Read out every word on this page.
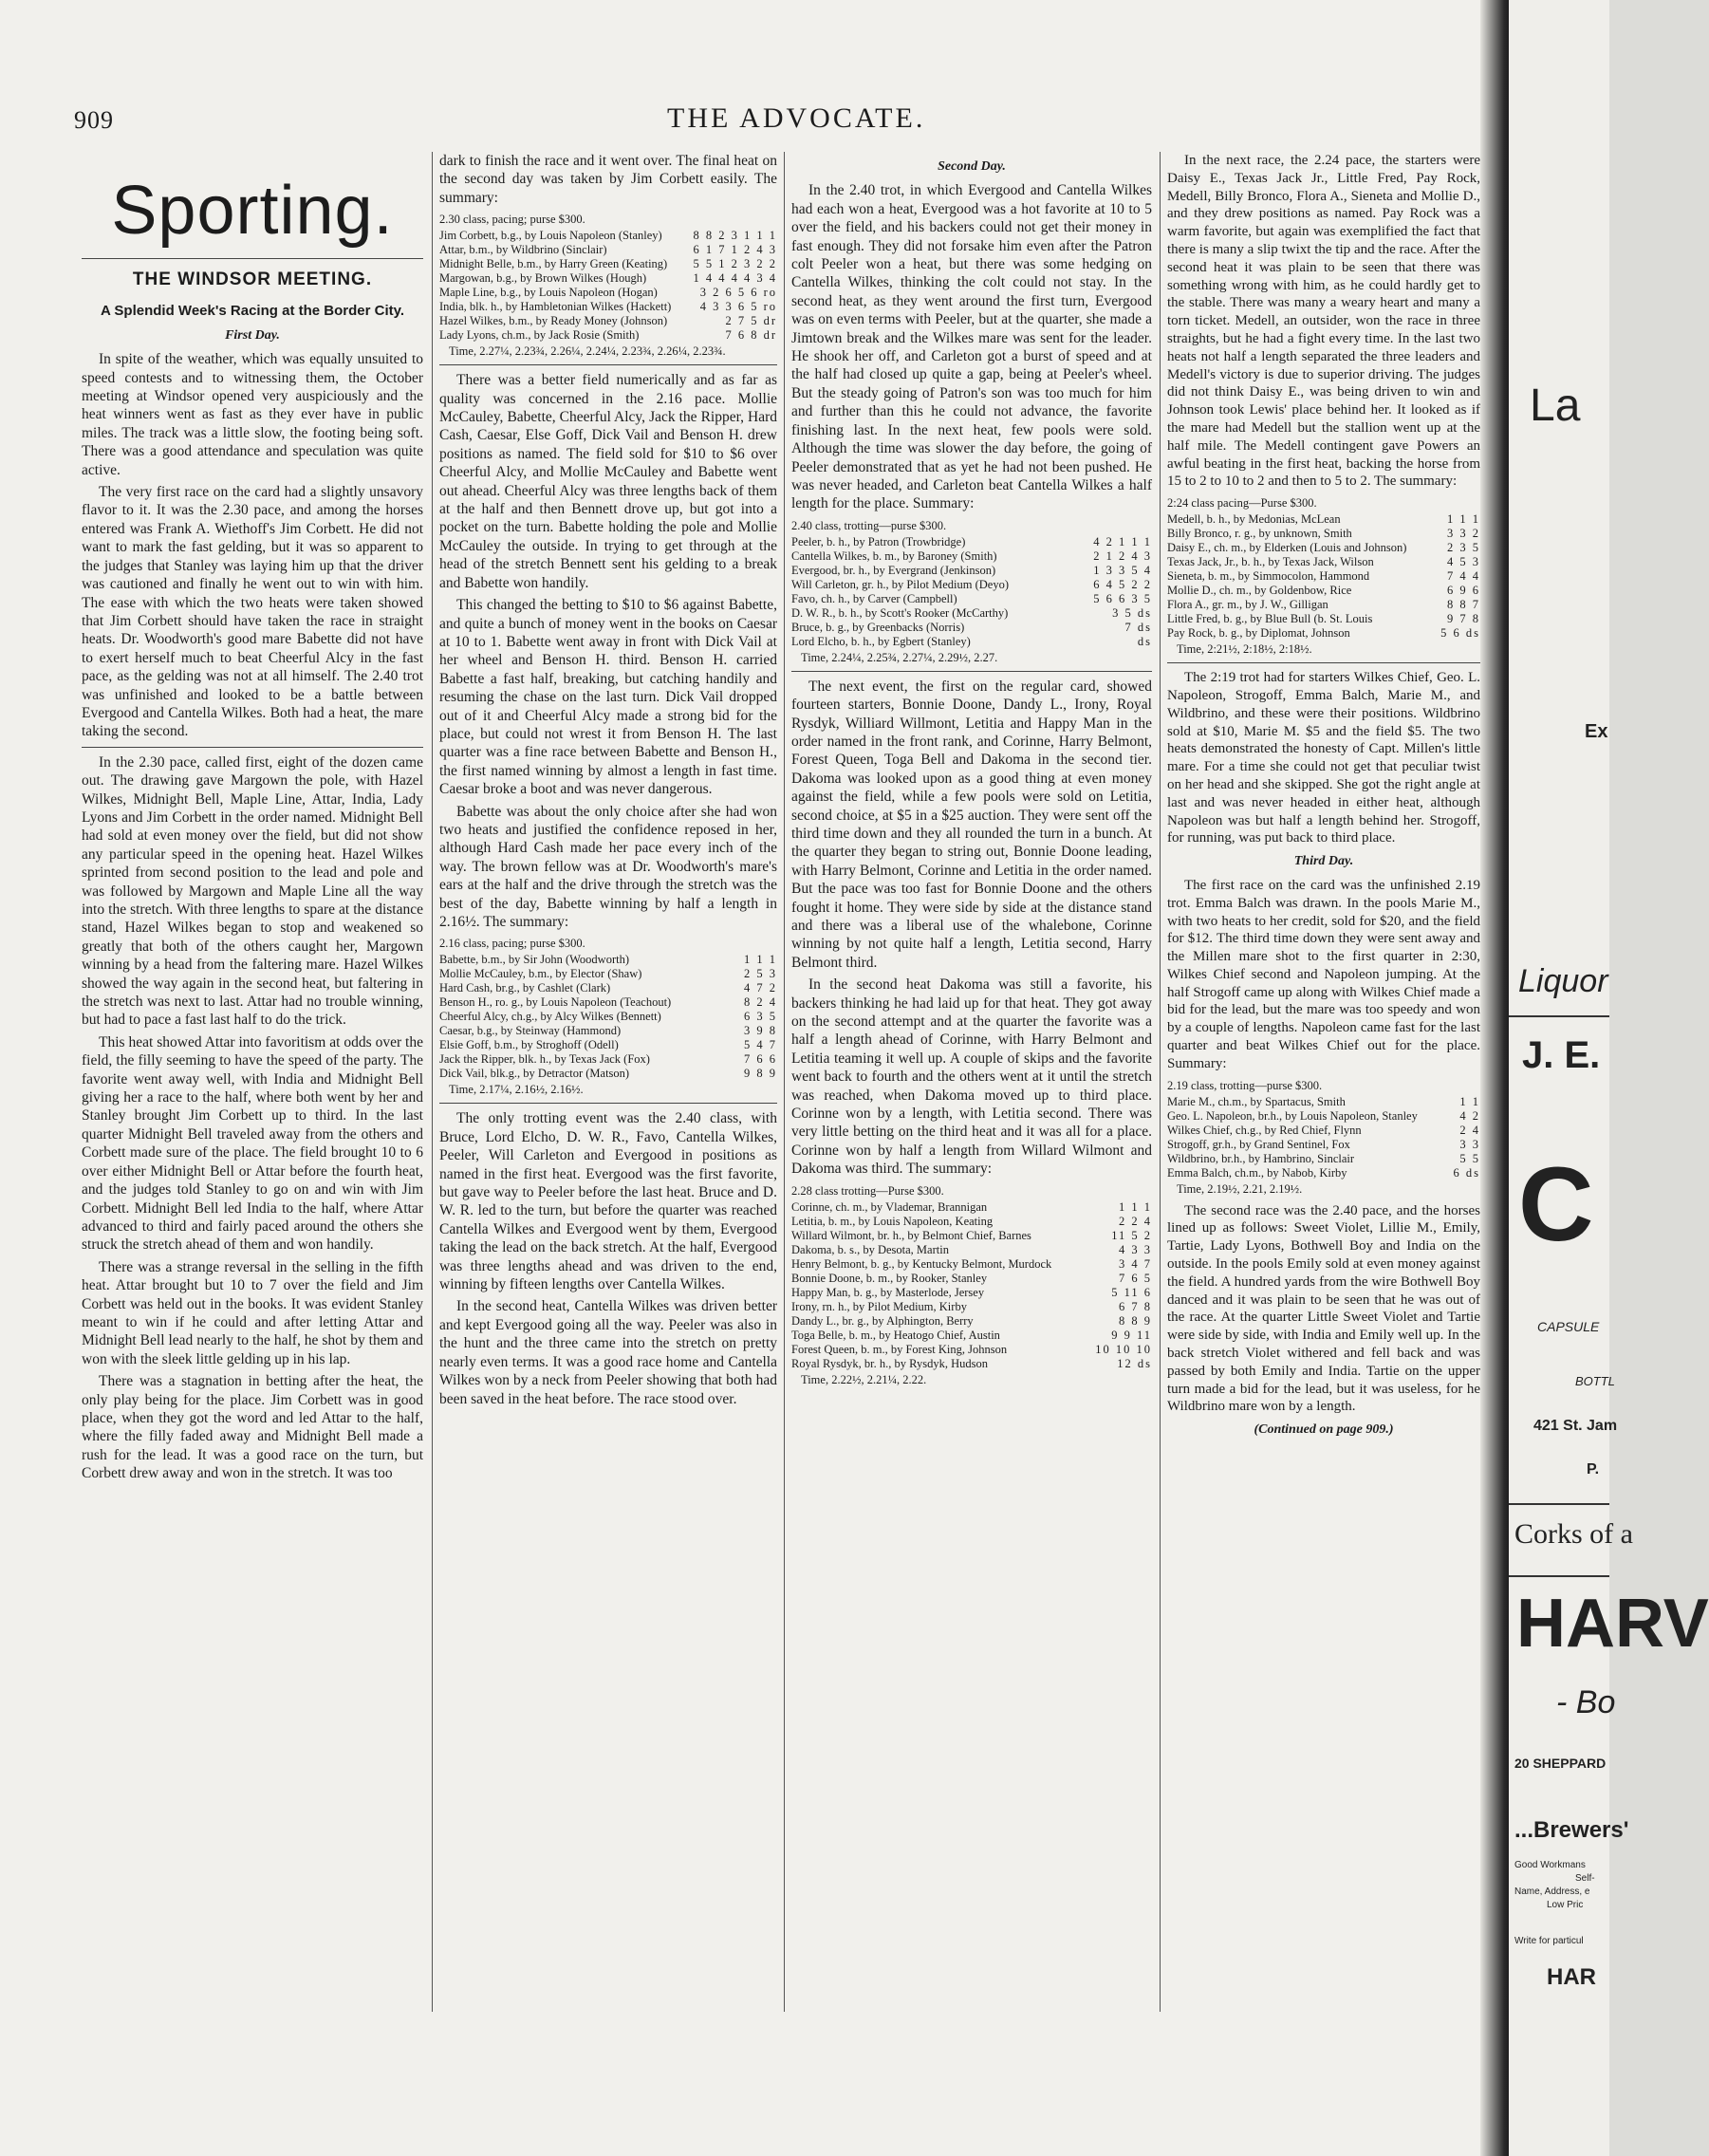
909	THE ADVOCATE.
Sporting.
THE WINDSOR MEETING.
A Splendid Week's Racing at the Border City.
First Day.

In spite of the weather, which was equally unsuited to speed contests and to witnessing them, the October meeting at Windsor opened very auspiciously and the heat winners went as fast as they ever have in public miles. The track was a little slow, the footing being soft. There was a good attendance and speculation was quite active.

The very first race on the card had a slightly unsavory flavor to it. It was the 2.30 pace, and among the horses entered was Frank A. Wiethoff's Jim Corbett. He did not want to mark the fast gelding, but it was so apparent to the judges that Stanley was laying him up that the driver was cautioned and finally he went out to win with him. The ease with which the two heats were taken showed that Jim Corbett should have taken the race in straight heats. Dr. Woodworth's good mare Babette did not have to exert herself much to beat Cheerful Alcy in the fast pace, as the gelding was not at all himself. The 2.40 trot was unfinished and looked to be a battle between Evergood and Cantella Wilkes. Both had a heat, the mare taking the second.

In the 2.30 pace, called first, eight of the dozen came out. The drawing gave Margown the pole, with Hazel Wilkes, Midnight Bell, Maple Line, Attar, India, Lady Lyons and Jim Corbett in the order named. Midnight Bell had sold at even money over the field, but did not show any particular speed in the opening heat. Hazel Wilkes sprinted from second position to the lead and pole and was followed by Margown and Maple Line all the way into the stretch. With three lengths to spare at the distance stand, Hazel Wilkes began to stop and weakened so greatly that both of the others caught her, Margown winning by a head from the faltering mare. Hazel Wilkes showed the way again in the second heat, but faltering in the stretch was next to last. Attar had no trouble winning, but had to pace a fast last half to do the trick.

This heat showed Attar into favoritism at odds over the field, the filly seeming to have the speed of the party. The favorite went away well, with India and Midnight Bell giving her a race to the half, where both went by her and Stanley brought Jim Corbett up to third. In the last quarter Midnight Bell traveled away from the others and Corbett made sure of the place. The field brought 10 to 6 over either Midnight Bell or Attar before the fourth heat, and the judges told Stanley to go on and win with Jim Corbett. Midnight Bell led India to the half, where Attar advanced to third and fairly paced around the others she struck the stretch ahead of them and won handily.

There was a strange reversal in the selling in the fifth heat. Attar brought but 10 to 7 over the field and Jim Corbett was held out in the books. It was evident Stanley meant to win if he could and after letting Attar and Midnight Bell lead nearly to the half, he shot by them and won with the sleek little gelding up in his lap.

There was a stagnation in betting after the heat, the only play being for the place. Jim Corbett was in good place, when they got the word and led Attar to the half, where the filly faded away and Midnight Bell made a rush for the lead. It was a good race on the turn, but Corbett drew away and won in the stretch. It was too

dark to finish the race and it went over. The final heat on the second day was taken by Jim Corbett easily. The summary:

2.30 class, pacing; purse $300.
Jim Corbett, b.g., by Louis Napoleon (Stanley)	8 8 2 3 1 1 1
Attar, b.m., by Wildbrino (Sinclair)	6 1 7 1 2 4 3
Midnight Belle, b.m., by Harry Green (Keating)	5 5 1 2 3 2 2
Margowan, b.g., by Brown Wilkes (Hough)	1 4 4 4 4 3 4
Maple Line, b.g., by Louis Napoleon (Hogan)	3 2 6 5 6 ro
India, blk. h., by Hambletonian Wilkes (Hackett)	4 3 3 6 5 ro
Hazel Wilkes, b.m., by Ready Money (Johnson)	2 7 5 dr
Lady Lyons, ch.m., by Jack Rosie (Smith)	7 6 8 dr
Time, 2.27¼, 2.23¾, 2.26¼, 2.24¼, 2.23¾, 2.26¼, 2.23¾.

There was a better field numerically and as far as quality was concerned in the 2.16 pace. Mollie McCauley, Babette, Cheerful Alcy, Jack the Ripper, Hard Cash, Caesar, Else Goff, Dick Vail and Benson H. drew positions as named. The field sold for $10 to $6 over Cheerful Alcy, and Mollie McCauley and Babette went out ahead. Cheerful Alcy was three lengths back of them at the half and then Bennett drove up, but got into a pocket on the turn. Babette holding the pole and Mollie McCauley the outside. In trying to get through at the head of the stretch Bennett sent his gelding to a break and Babette won handily.

This changed the betting to $10 to $6 against Babette, and quite a bunch of money went in the books on Caesar at 10 to 1. Babette went away in front with Dick Vail at her wheel and Benson H. third. Benson H. carried Babette a fast half, breaking, but catching handily and resuming the chase on the last turn. Dick Vail dropped out of it and Cheerful Alcy made a strong bid for the place, but could not wrest it from Benson H. The last quarter was a fine race between Babette and Benson H., the first named winning by almost a length in fast time. Caesar broke a boot and was never dangerous.

Babette was about the only choice after she had won two heats and justified the confidence reposed in her, although Hard Cash made her pace every inch of the way. The brown fellow was at Dr. Woodworth's mare's ears at the half and the drive through the stretch was the best of the day, Babette winning by half a length in 2.16½. The summary:

2.16 class, pacing; purse $300.
Babette, b.m., by Sir John (Woodworth)	1 1 1
Mollie McCauley, b.m., by Elector (Shaw)	2 5 3
Hard Cash, br.g., by Cashlet (Clark)	4 7 2
Benson H., ro. g., by Louis Napoleon (Teachout)	8 2 4
Cheerful Alcy, ch.g., by Alcy Wilkes (Bennett)	6 3 5
Caesar, b.g., by Steinway (Hammond)	3 9 8
Elsie Goff, b.m., by Stroghoff (Odell)	5 4 7
Jack the Ripper, blk. h., by Texas Jack (Fox)	7 6 6
Dick Vail, blk.g., by Detractor (Matson)	9 8 9
Time, 2.17¼, 2.16½, 2.16½.

The only trotting event was the 2.40 class, with Bruce, Lord Elcho, D. W. R., Favo, Cantella Wilkes, Peeler, Will Carleton and Evergood in positions as named in the first heat. Evergood was the first favorite, but gave way to Peeler before the last heat. Bruce and D. W. R. led to the turn, but before the quarter was reached Cantella Wilkes and Evergood went by them, Evergood taking the lead on the back stretch. At the half, Evergood was three lengths ahead and was driven to the end, winning by fifteen lengths over Cantella Wilkes.

In the second heat, Cantella Wilkes was driven better and kept Evergood going all the way. Peeler was also in the hunt and the three came into the stretch on pretty nearly even terms. It was a good race home and Cantella Wilkes won by a neck from Peeler showing that both had been saved in the heat before. The race stood over.

Second Day.

In the 2.40 trot, in which Evergood and Cantella Wilkes had each won a heat, Evergood was a hot favorite at 10 to 5 over the field, and his backers could not get their money in fast enough. They did not forsake him even after the Patron colt Peeler won a heat, but there was some hedging on Cantella Wilkes, thinking the colt could not stay. In the second heat, as they went around the first turn, Evergood was on even terms with Peeler, but at the quarter, she made a Jimtown break and the Wilkes mare was sent for the leader. He shook her off, and Carleton got a burst of speed and at the half had closed up quite a gap, being at Peeler's wheel. But the steady going of Patron's son was too much for him and further than this he could not advance, the favorite finishing last. In the next heat, few pools were sold. Although the time was slower the day before, the going of Peeler demonstrated that as yet he had not been pushed. He was never headed, and Carleton beat Cantella Wilkes a half length for the place. Summary:

2.40 class, trotting—purse $300.
Peeler, b. h., by Patron (Trowbridge)	4 2 1 1 1
Cantella Wilkes, b. m., by Baroney (Smith)	2 1 2 4 3
Evergood, br. h., by Evergrand (Jenkinson)	1 3 3 5 4
Will Carleton, gr. h., by Pilot Medium (Deyo)	6 4 5 2 2
Favo, ch. h., by Carver (Campbell)	5 6 6 3 5
D. W. R., b. h., by Scott's Rooker (McCarthy)	3 5 ds
Bruce, b. g., by Greenbacks (Norris)	7 ds
Lord Elcho, b. h., by Egbert (Stanley)	ds
Time, 2.24¼, 2.25¾, 2.27¼, 2.29½, 2.27.

The next event, the first on the regular card, showed fourteen starters, Bonnie Doone, Dandy L., Irony, Royal Rysdyk, Williard Willmont, Letitia and Happy Man in the order named in the front rank, and Corinne, Harry Belmont, Forest Queen, Toga Bell and Dakoma in the second tier. Dakoma was looked upon as a good thing at even money against the field, while a few pools were sold on Letitia, second choice, at $5 in a $25 auction. They were sent off the third time down and they all rounded the turn in a bunch. At the quarter they began to string out, Bonnie Doone leading, with Harry Belmont, Corinne and Letitia in the order named. But the pace was too fast for Bonnie Doone and the others fought it home. They were side by side at the distance stand and there was a liberal use of the whalebone, Corinne winning by not quite half a length, Letitia second, Harry Belmont third.

In the second heat Dakoma was still a favorite, his backers thinking he had laid up for that heat. They got away on the second attempt and at the quarter the favorite was a half a length ahead of Corinne, with Harry Belmont and Letitia teaming it well up. A couple of skips and the favorite went back to fourth and the others went at it until the stretch was reached, when Dakoma moved up to third place. Corinne won by a length, with Letitia second. There was very little betting on the third heat and it was all for a place. Corinne won by half a length from Willard Wilmont and Dakoma was third. The summary:

2.28 class trotting—Purse $300.
Corinne, ch. m., by Vlademar, Brannigan	1 1 1
Letitia, b. m., by Louis Napoleon, Keating	2 2 4
Willard Wilmont, br. h., by Belmont Chief, Barnes	11 5 2
Dakoma, b. s., by Desota, Martin	4 3 3
Henry Belmont, b. g., by Kentucky Belmont, Murdock	3 4 7
Bonnie Doone, b. m., by Rooker, Stanley	7 6 5
Happy Man, b. g., by Masterlode, Jersey	5 11 6
Irony, rn. h., by Pilot Medium, Kirby	6 7 8
Dandy L., br. g., by Alphington, Berry	8 8 9
Toga Belle, b. m., by Heatogo Chief, Austin	9 9 11
Forest Queen, b. m., by Forest King, Johnson	10 10 10
Royal Rysdyk, br. h., by Rysdyk, Hudson	12 ds
Time, 2.22½, 2.21¼, 2.22.

In the next race, the 2.24 pace, the starters were Daisy E., Texas Jack Jr., Little Fred, Pay Rock, Medell, Billy Bronco, Flora A., Sieneta and Mollie D., and they drew positions as named. Pay Rock was a warm favorite, but again was exemplified the fact that there is many a slip twixt the tip and the race. After the second heat it was plain to be seen that there was something wrong with him, as he could hardly get to the stable. There was many a weary heart and many a torn ticket. Medell, an outsider, won the race in three straights, but he had a fight every time. In the last two heats not half a length separated the three leaders and Medell's victory is due to superior driving. The judges did not think Daisy E., was being driven to win and Johnson took Lewis' place behind her. It looked as if the mare had Medell but the stallion went up at the half mile. The Medell contingent gave Powers an awful beating in the first heat, backing the horse from 15 to 2 to 10 to 2 and then to 5 to 2. The summary:

2:24 class pacing—Purse $300.
Medell, b. h., by Medonias, McLean	1 1 1
Billy Bronco, r. g., by unknown, Smith	3 3 2
Daisy E., ch. m., by Elderken (Louis and Johnson)	2 3 5
Texas Jack, Jr., b. h., by Texas Jack, Wilson	4 5 3
Sieneta, b. m., by Simmocolon, Hammond	7 4 4
Mollie D., ch. m., by Goldenbow, Rice	6 9 6
Flora A., gr. m., by J. W., Gilligan	8 8 7
Little Fred, b. g., by Blue Bull (b. St. Louis	9 7 8
Pay Rock, b. g., by Diplomat, Johnson	5 6 ds
Time, 2:21½, 2:18½, 2:18½.

The 2:19 trot had for starters Wilkes Chief, Geo. L. Napoleon, Strogoff, Emma Balch, Marie M., and Wildbrino, and these were their positions. Wildbrino sold at $10, Marie M. $5 and the field $5. The two heats demonstrated the honesty of Capt. Millen's little mare. For a time she could not get that peculiar twist on her head and she skipped. She got the right angle at last and was never headed in either heat, although Napoleon was but half a length behind her. Strogoff, for running, was put back to third place.

Third Day.

The first race on the card was the unfinished 2.19 trot. Emma Balch was drawn. In the pools Marie M., with two heats to her credit, sold for $20, and the field for $12. The third time down they were sent away and the Millen mare shot to the first quarter in 2:30, Wilkes Chief second and Napoleon jumping. At the half Strogoff came up along with Wilkes Chief made a bid for the lead, but the mare was too speedy and won by a couple of lengths. Napoleon came fast for the last quarter and beat Wilkes Chief out for the place. Summary:

2.19 class, trotting—purse $300.
Marie M., ch.m., by Spartacus, Smith	1 1
Geo. L. Napoleon, br.h., by Louis Napoleon, Stanley	4 2
Wilkes Chief, ch.g., by Red Chief, Flynn	2 4
Strogoff, gr.h., by Grand Sentinel, Fox	3 3
Wildbrino, br.h., by Hambrino, Sinclair	5 5
Emma Balch, ch.m., by Nabob, Kirby	6 ds
Time, 2.19½, 2.21, 2.19½.

The second race was the 2.40 pace, and the horses lined up as follows: Sweet Violet, Lillie M., Emily, Tartie, Lady Lyons, Bothwell Boy and India on the outside. In the pools Emily sold at even money against the field. A hundred yards from the wire Bothwell Boy danced and it was plain to be seen that he was out of the race. At the quarter Little Sweet Violet and Tartie were side by side, with India and Emily well up. In the back stretch Violet withered and fell back and was passed by both Emily and India. Tartie on the upper turn made a bid for the lead, but it was useless, for he Wildbrino mare won by a length.

(Continued on page 909.)
La
Ex
Liquor
J. E.
C
CAPSULE
BOTTL
421 St. Jam
P.
Corks of a
HARV
- Bo
20 SHEPPARD
...Brewers'
Good Workmans
Self-
Name, Address, e
Low Pric
Write for particul
HAR
